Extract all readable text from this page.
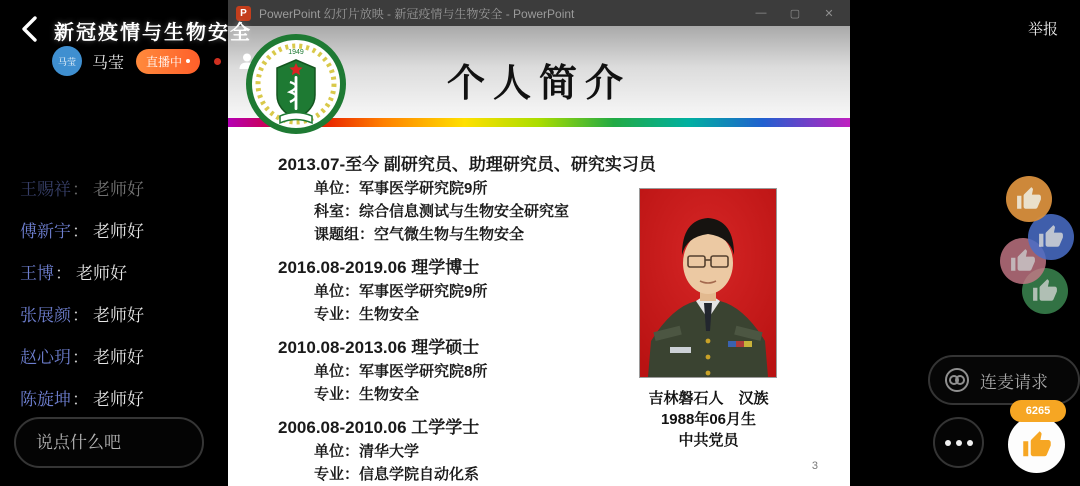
P	PowerPoint 幻灯片放映 - 新冠疫情与生物安全 - PowerPoint	—	▢	✕
个人简介
1949
2013.07-至今 副研究员、助理研究员、研究实习员
单位：军事医学研究院9所
科室：综合信息测试与生物安全研究室
课题组：空气微生物与生物安全
2016.08-2019.06 理学博士
单位：军事医学研究院9所
专业：生物安全
2010.08-2013.06 理学硕士
单位：军事医学研究院8所
专业：生物安全
2006.08-2010.06 工学学士
单位：清华大学
专业：信息学院自动化系
吉林磐石人　汉族
1988年06月生
中共党员
3
新冠疫情与生物安全
马莹	马莹 直播中
举报
王赐祥： 老师好
傅新宇： 老师好
王博： 老师好
张展颜： 老师好
赵心玥： 老师好
陈旋坤： 老师好
说点什么吧
连麦请求
6265
